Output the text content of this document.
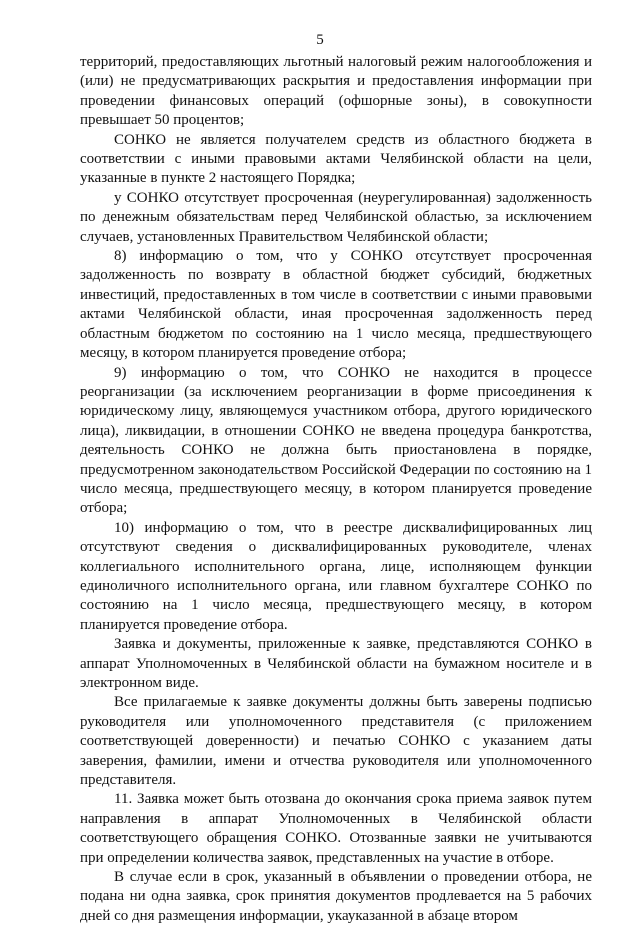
5

территорий, предоставляющих льготный налоговый режим налогообложения и (или) не предусматривающих раскрытия и предоставления информации при проведении финансовых операций (офшорные зоны), в совокупности превышает 50 процентов;

СОНКО не является получателем средств из областного бюджета в соответствии с иными правовыми актами Челябинской области на цели, указанные в пункте 2 настоящего Порядка;

у СОНКО отсутствует просроченная (неурегулированная) задолженность по денежным обязательствам перед Челябинской областью, за исключением случаев, установленных Правительством Челябинской области;

8) информацию о том, что у СОНКО отсутствует просроченная задолженность по возврату в областной бюджет субсидий, бюджетных инвестиций, предоставленных в том числе в соответствии с иными правовыми актами Челябинской области, иная просроченная задолженность перед областным бюджетом по состоянию на 1 число месяца, предшествующего месяцу, в котором планируется проведение отбора;

9) информацию о том, что СОНКО не находится в процессе реорганизации (за исключением реорганизации в форме присоединения к юридическому лицу, являющемуся участником отбора, другого юридического лица), ликвидации, в отношении СОНКО не введена процедура банкротства, деятельность СОНКО не должна быть приостановлена в порядке, предусмотренном законодательством Российской Федерации по состоянию на 1 число месяца, предшествующего месяцу, в котором планируется проведение отбора;

10) информацию о том, что в реестре дисквалифицированных лиц отсутствуют сведения о дисквалифицированных руководителе, членах коллегиального исполнительного органа, лице, исполняющем функции единоличного исполнительного органа, или главном бухгалтере СОНКО по состоянию на 1 число месяца, предшествующего месяцу, в котором планируется проведение отбора.

Заявка и документы, приложенные к заявке, представляются СОНКО в аппарат Уполномоченных в Челябинской области на бумажном носителе и в электронном виде.

Все прилагаемые к заявке документы должны быть заверены подписью руководителя или уполномоченного представителя (с приложением соответствующей доверенности) и печатью СОНКО с указанием даты заверения, фамилии, имени и отчества руководителя или уполномоченного представителя.

11. Заявка может быть отозвана до окончания срока приема заявок путем направления в аппарат Уполномоченных в Челябинской области соответствующего обращения СОНКО. Отозванные заявки не учитываются при определении количества заявок, представленных на участие в отборе.

В случае если в срок, указанный в объявлении о проведении отбора, не подана ни одна заявка, срок принятия документов продлевается на 5 рабочих дней со дня размещения информации, укауказанной в абзаце втором
